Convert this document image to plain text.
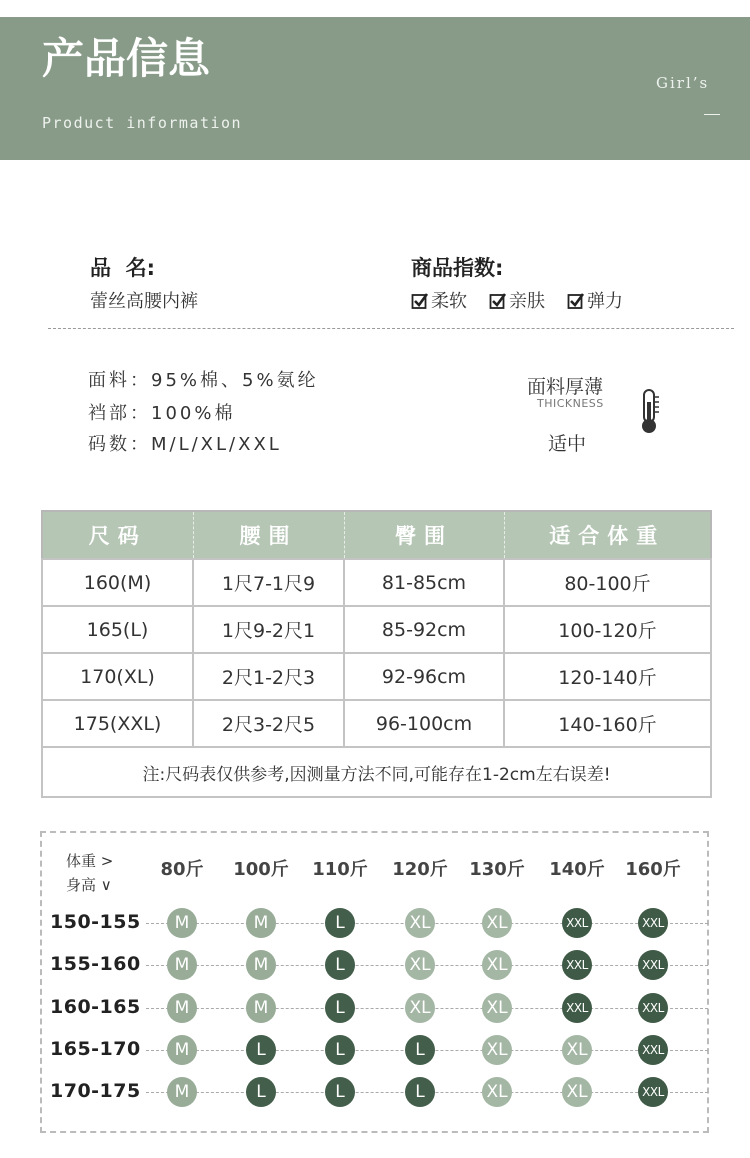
产品信息
Product information
Girl’s
品  名:
蕾丝高腰内裤
商品指数:
柔软 亲肤 弹力
面料：95%棉、5%氨纶
裆部：100%棉
码数：M/L/XL/XXL
面料厚薄
THICKNESS
适中
尺码	腰围	臀围	适合体重
160(M)	1尺7-1尺9	81-85cm	80-100斤
165(L)	1尺9-2尺1	85-92cm	100-120斤
170(XL)	2尺1-2尺3	92-96cm	120-140斤
175(XXL)	2尺3-2尺5	96-100cm	140-160斤
注:尺码表仅供参考,因测量方法不同,可能存在1-2cm左右误差!			
体重 >
身高 ∨
80斤	100斤	110斤	120斤	130斤	140斤	160斤
150-155	M	M	L	XL	XL	XXL	XXL
155-160	M	M	L	XL	XL	XXL	XXL
160-165	M	M	L	XL	XL	XXL	XXL
165-170	M	L	L	L	XL	XL	XXL
170-175	M	L	L	L	XL	XL	XXL
